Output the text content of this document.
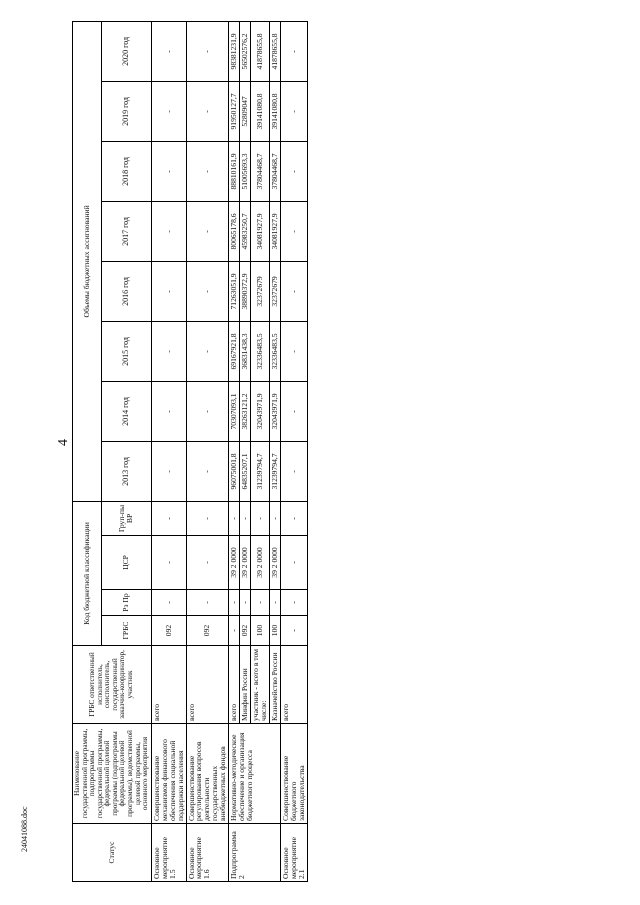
4
Статус	Наименование государственной программы, подпрограммы государственной программы, федеральной целевой программы (подпрограммы федеральной целевой программы), ведомственной целевой программы, основного мероприятия	ГРБС ответственный исполнитель, соисполнитель, государственный заказчик-координатор, участник	Код бюджетной классификации				Объемы бюджетных ассигнований							
			ГРБС	Рз Пр	ЦСР	Груп-пы ВР	2013 год	2014 год	2015 год	2016 год	2017 год	2018 год	2019 год	2020 год
Основное мероприятие 1.5	Совершенствование механизмов финансового обеспечения социальной поддержки населения	всего	092	-	-	-	-	-	-	-	-	-	-	-
Основное мероприятие 1.6	Совершенствование регулирования вопросов деятельности государственных внебюджетных фондов	всего	092	-	-	-	-	-	-	-	-	-	-	-
Подпрограмма 2	Нормативно-методическое обеспечение и организация бюджетного процесса	всего	-	-	39 2 0000	-	96075001,8	70307093,1	69167921,8	71263051,9	80065178,6	88810161,9	91950127,7	98381231,9
		Минфин России	092	-	39 2 0000	-	64835207,1	38263121,2	36831438,3	38890372,9	45983250,7	51005693,3	52809047	56502576,2
		участник - всего в том числе:	100	-	39 2 0000	-	31239794,7	32043971,9	32336483,5	32372679	34081927,9	37804468,7	39141080,8	41878655,8
		Казначейство России	100	-	39 2 0000	-	31239794,7	32043971,9	32336483,5	32372679	34081927,9	37804468,7	39141080,8	41878655,8
Основное мероприятие 2.1	Совершенствование бюджетного законодательства	всего	-	-	-	-	-	-	-	-	-	-	-	-
24041088.doc
